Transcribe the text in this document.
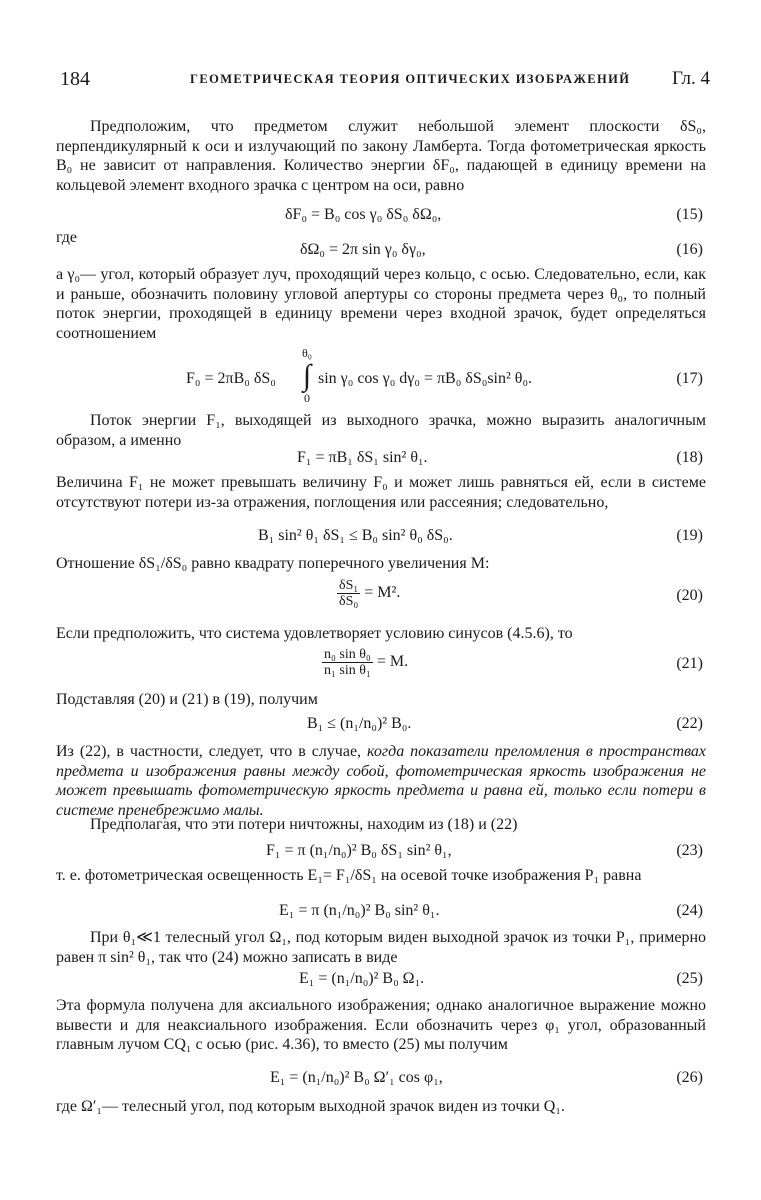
184	ГЕОМЕТРИЧЕСКАЯ ТЕОРИЯ ОПТИЧЕСКИХ ИЗОБРАЖЕНИЙ Гл. 4
Предположим, что предметом служит небольшой элемент плоскости δS₀, перпендикулярный к оси и излучающий по закону Ламберта. Тогда фотометрическая яркость B₀ не зависит от направления. Количество энергии δF₀, падающей в единицу времени на кольцевой элемент входного зрачка с центром на оси, равно
δF₀ = B₀ cos γ₀ δS₀ δΩ₀,	(15)
где
δΩ₀ = 2π sin γ₀ δγ₀,	(16)
а γ₀— угол, который образует луч, проходящий через кольцо, с осью. Следовательно, если, как и раньше, обозначить половину угловой апертуры со стороны предмета через θ₀, то полный поток энергии, проходящей в единицу времени через входной зрачок, будет определяться соотношением
F₀ = 2πB₀ δS₀
θ₀
∫
0
sin γ₀ cos γ₀ dγ₀ = πB₀ δS₀sin² θ₀.	(17)
Поток энергии F₁, выходящей из выходного зрачка, можно выразить аналогичным образом, а именно
F₁ = πB₁ δS₁ sin² θ₁.	(18)
Величина F₁ не может превышать величину F₀ и может лишь равняться ей, если в системе отсутствуют потери из-за отражения, поглощения или рассеяния; следовательно,
B₁ sin² θ₁ δS₁ ≤ B₀ sin² θ₀ δS₀.	(19)
Отношение δS₁/δS₀ равно квадрату поперечного увеличения M:
$\frac{\text{δS₁}}{\text{δS₀}} = M^2$.	(20)
Если предположить, что система удовлетворяет условию синусов (4.5.6), то
$\frac{\text{n₀ sin θ₀}}{\text{n₁ sin θ₁}} = M$.	(21)
Подставляя (20) и (21) в (19), получим
B₁ ≤ (n₁/n₀)² B₀.	(22)
Из (22), в частности, следует, что в случае, когда показатели преломления в пространствах предмета и изображения равны между собой, фотометрическая яркость изображения не может превышать фотометрическую яркость предмета и равна ей, только если потери в системе пренебрежимо малы.
Предполагая, что эти потери ничтожны, находим из (18) и (22)
F₁ = π (n₁/n₀)² B₀ δS₁ sin² θ₁,	(23)
т. е. фотометрическая освещенность E₁= F₁/δS₁ на осевой точке изображения P₁ равна
E₁ = π (n₁/n₀)² B₀ sin² θ₁.	(24)
При θ₁≪1 телесный угол Ω₁, под которым виден выходной зрачок из точки P₁, примерно равен π sin² θ₁, так что (24) можно записать в виде
E₁ = (n₁/n₀)² B₀ Ω₁.	(25)
Эта формула получена для аксиального изображения; однако аналогичное выражение можно вывести и для неаксиального изображения. Если обозначить через φ₁ угол, образованный главным лучом CQ₁ с осью (рис. 4.36), то вместо (25) мы получим
E₁ = (n₁/n₀)² B₀ Ω′₁ cos φ₁,	(26)
где Ω′₁— телесный угол, под которым выходной зрачок виден из точки Q₁.
